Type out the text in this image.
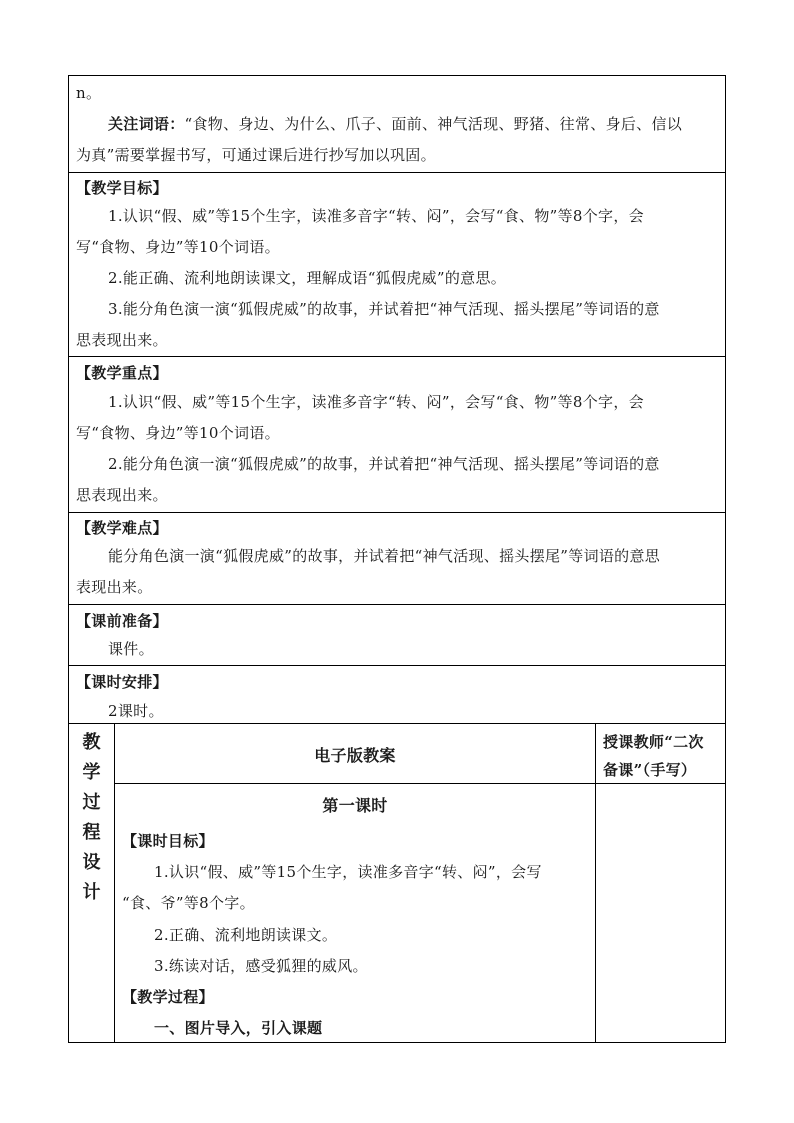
n。
关注词语：“食物、身边、为什么、爪子、面前、神气活现、野猪、往常、身后、信以
为真”需要掌握书写，可通过课后进行抄写加以巩固。
【教学目标】
1.认识“假、威”等15个生字，读准多音字“转、闷”，会写“食、物”等8个字，会
写“食物、身边”等10个词语。
2.能正确、流利地朗读课文，理解成语“狐假虎威”的意思。
3.能分角色演一演“狐假虎威”的故事，并试着把“神气活现、摇头摆尾”等词语的意
思表现出来。
【教学重点】
1.认识“假、威”等15个生字，读准多音字“转、闷”，会写“食、物”等8个字，会
写“食物、身边”等10个词语。
2.能分角色演一演“狐假虎威”的故事，并试着把“神气活现、摇头摆尾”等词语的意
思表现出来。
【教学难点】
能分角色演一演“狐假虎威”的故事，并试着把“神气活现、摇头摆尾”等词语的意思
表现出来。
【课前准备】
课件。
【课时安排】
2课时。
教
学
过
程
设
计
电子版教案
授课教师“二次
备课”（手写）
第一课时
【课时目标】
1.认识“假、威”等15个生字，读准多音字“转、闷”，会写
“食、爷”等8个字。
2.正确、流利地朗读课文。
3.练读对话，感受狐狸的威风。
【教学过程】
一、图片导入，引入课题
